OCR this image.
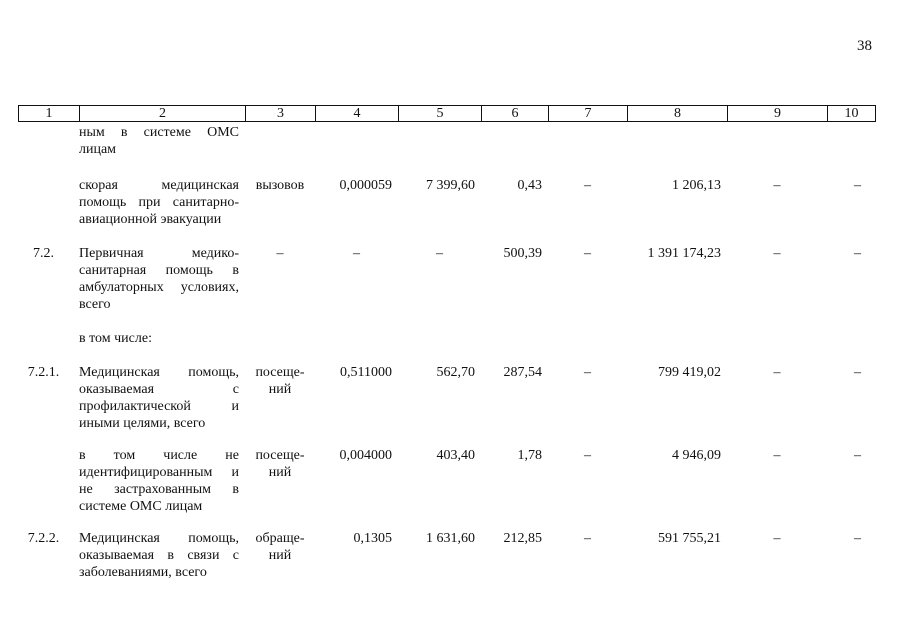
38
1	2	3	4	5	6	7	8	9	10
	ным в системе ОМС лицам								

	скорая медицинская помощь при санитарно-авиационной эвакуации	вызовов	0,000059	7 399,60	0,43	–	1 206,13	–	–

7.2.	Первичная медико-санитарная помощь в амбулаторных условиях, всего	–	–	–	500,39	–	1 391 174,23	–	–

	в том числе:								

7.2.1.	Медицинская помощь, оказываемая с профилактической и иными целями, всего	посеще-ний	0,511000	562,70	287,54	–	799 419,02	–	–

	в том числе не идентифицированным и не застрахованным в системе ОМС лицам	посеще-ний	0,004000	403,40	1,78	–	4 946,09	–	–

7.2.2.	Медицинская помощь, оказываемая в связи с заболеваниями, всего	обраще-ний	0,1305	1 631,60	212,85	–	591 755,21	–	–
